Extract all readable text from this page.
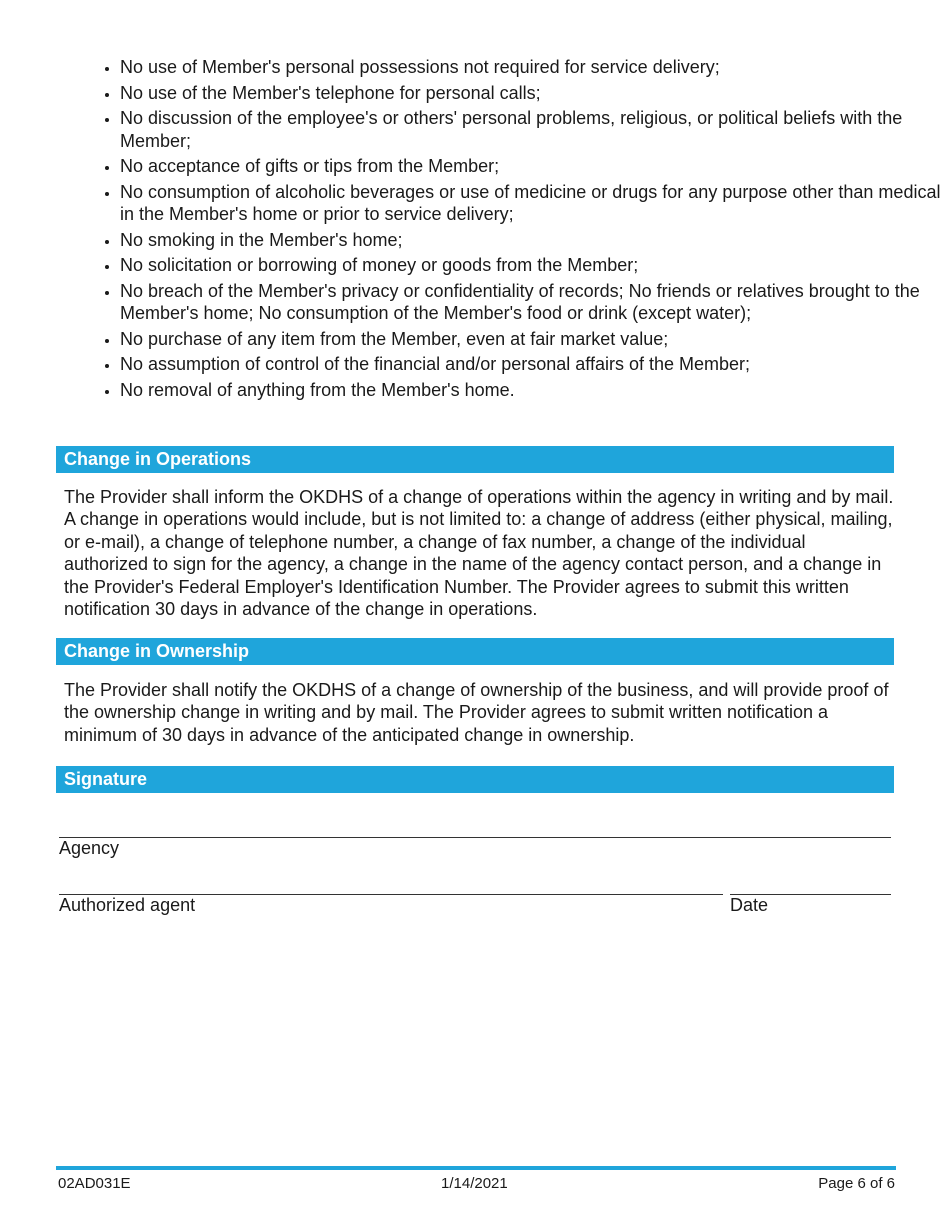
• No use of Member's personal possessions not required for service delivery;
• No use of the Member's telephone for personal calls;
• No discussion of the employee's or others' personal problems, religious, or political beliefs with the Member;
• No acceptance of gifts or tips from the Member;
• No consumption of alcoholic beverages or use of medicine or drugs for any purpose other than medical in the Member's home or prior to service delivery;
• No smoking in the Member's home;
• No solicitation or borrowing of money or goods from the Member;
• No breach of the Member's privacy or confidentiality of records; No friends or relatives brought to the Member's home; No consumption of the Member's food or drink (except water);
• No purchase of any item from the Member, even at fair market value;
• No assumption of control of the financial and/or personal affairs of the Member;
• No removal of anything from the Member's home.
Change in Operations

The Provider shall inform the OKDHS of a change of operations within the agency in writing and by mail. A change in operations would include, but is not limited to: a change of address (either physical, mailing, or e-mail), a change of telephone number, a change of fax number, a change of the individual authorized to sign for the agency, a change in the name of the agency contact person, and a change in the Provider's Federal Employer's Identification Number. The Provider agrees to submit this written notification 30 days in advance of the change in operations.

Change in Ownership

The Provider shall notify the OKDHS of a change of ownership of the business, and will provide proof of the ownership change in writing and by mail. The Provider agrees to submit written notification a minimum of 30 days in advance of the anticipated change in ownership.

Signature
Agency
Authorized agent	Date
02AD031E	1/14/2021	Page 6 of 6
